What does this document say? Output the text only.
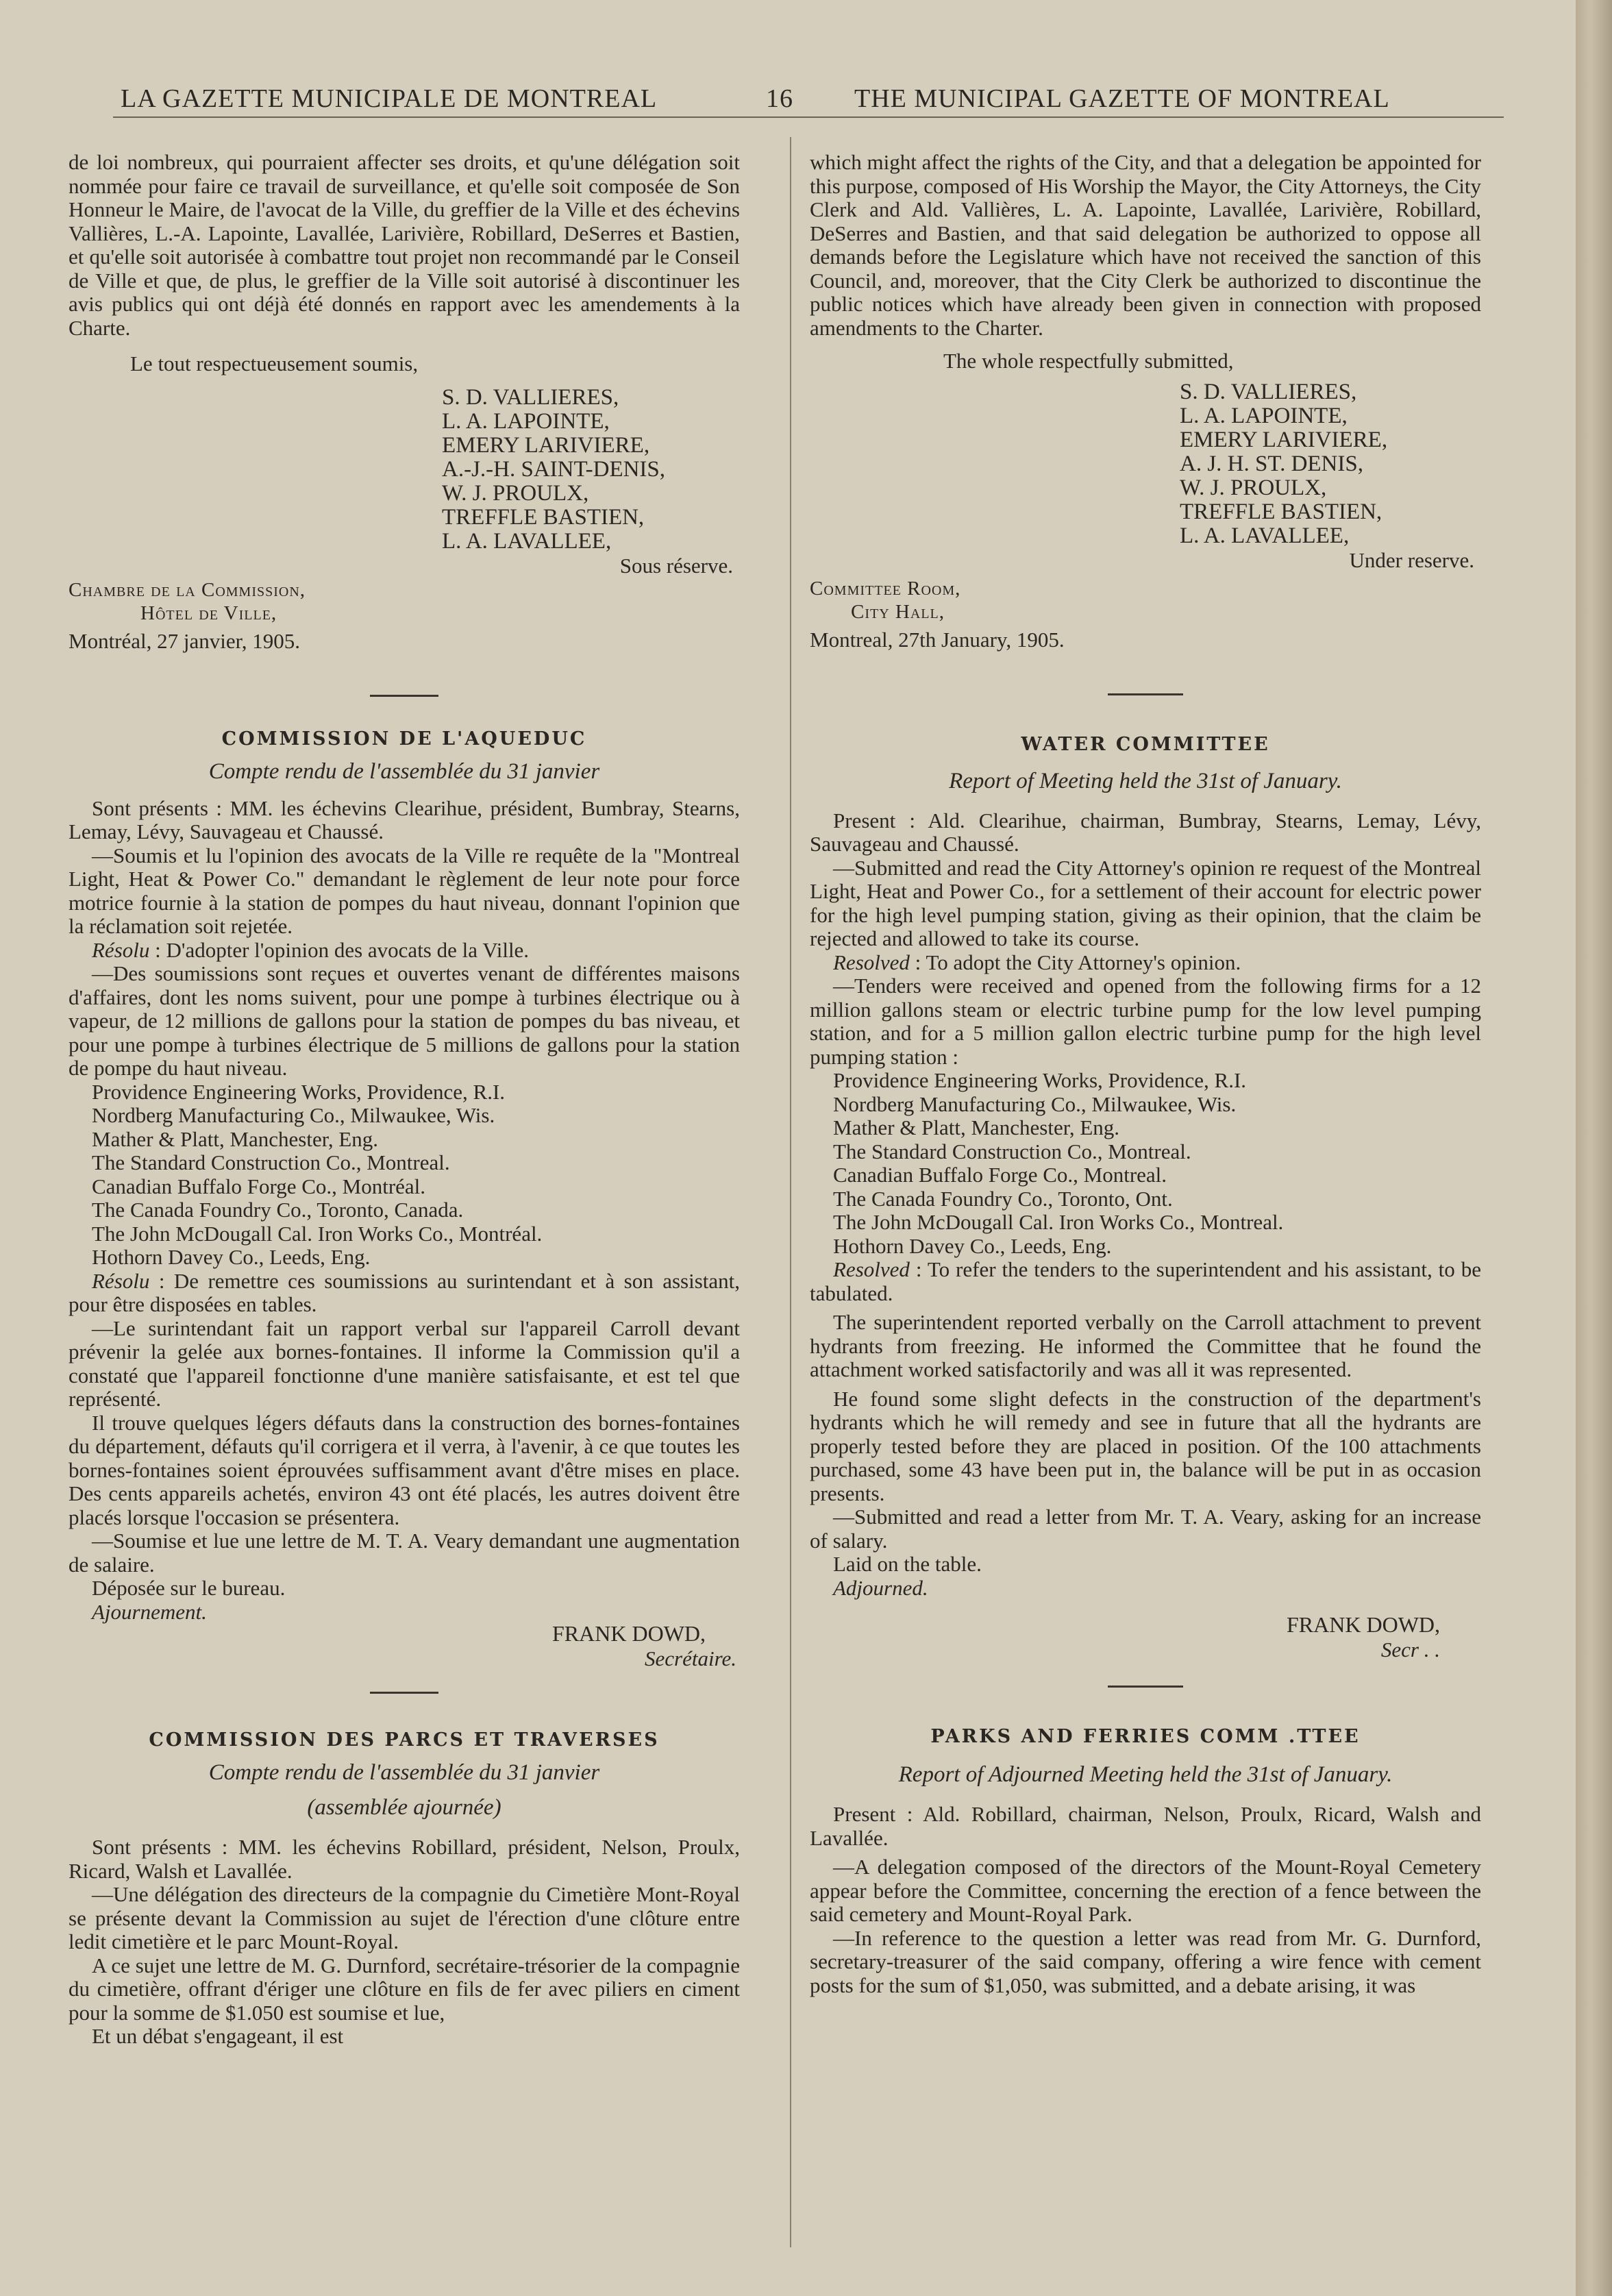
LA GAZETTE MUNICIPALE DE MONTREAL	16 THE MUNICIPAL GAZETTE OF MONTREAL

de loi nombreux, qui pourraient affecter ses droits, et qu'une délégation soit nommée pour faire ce travail de surveillance, et qu'elle soit composée de Son Honneur le Maire, de l'avocat de la Ville, du greffier de la Ville et des échevins Vallières, L.-A. Lapointe, Lavallée, Larivière, Robillard, DeSerres et Bastien, et qu'elle soit autorisée à combattre tout projet non recommandé par le Conseil de Ville et que, de plus, le greffier de la Ville soit autorisé à discontinuer les avis publics qui ont déjà été donnés en rapport avec les amendements à la Charte.

Le tout respectueusement soumis,

S. D. VALLIERES,
L. A. LAPOINTE,
EMERY LARIVIERE,
A.-J.-H. SAINT-DENIS,
W. J. PROULX,
TREFFLE BASTIEN,
L. A. LAVALLEE,
Sous réserve.
Chambre de la Commission,
Hôtel de Ville,
Montréal, 27 janvier, 1905.
COMMISSION DE L'AQUEDUC
Compte rendu de l'assemblée du 31 janvier

Sont présents : MM. les échevins Clearihue, président, Bumbray, Stearns, Lemay, Lévy, Sauvageau et Chaussé.

—Soumis et lu l'opinion des avocats de la Ville re requête de la "Montreal Light, Heat & Power Co." demandant le règlement de leur note pour force motrice fournie à la station de pompes du haut niveau, donnant l'opinion que la réclamation soit rejetée.

Résolu : D'adopter l'opinion des avocats de la Ville.

—Des soumissions sont reçues et ouvertes venant de différentes maisons d'affaires, dont les noms suivent, pour une pompe à turbines électrique ou à vapeur, de 12 millions de gallons pour la station de pompes du bas niveau, et pour une pompe à turbines électrique de 5 millions de gallons pour la station de pompe du haut niveau.

Providence Engineering Works, Providence, R.I.
Nordberg Manufacturing Co., Milwaukee, Wis.
Mather & Platt, Manchester, Eng.
The Standard Construction Co., Montreal.
Canadian Buffalo Forge Co., Montréal.
The Canada Foundry Co., Toronto, Canada.
The John McDougall Cal. Iron Works Co., Montréal.
Hothorn Davey Co., Leeds, Eng.

Résolu : De remettre ces soumissions au surintendant et à son assistant, pour être disposées en tables.

—Le surintendant fait un rapport verbal sur l'appareil Carroll devant prévenir la gelée aux bornes-fontaines. Il informe la Commission qu'il a constaté que l'appareil fonctionne d'une manière satisfaisante, et est tel que représenté.

Il trouve quelques légers défauts dans la construction des bornes-fontaines du département, défauts qu'il corrigera et il verra, à l'avenir, à ce que toutes les bornes-fontaines soient éprouvées suffisamment avant d'être mises en place. Des cents appareils achetés, environ 43 ont été placés, les autres doivent être placés lorsque l'occasion se présentera.

—Soumise et lue une lettre de M. T. A. Veary demandant une augmentation de salaire.

Déposée sur le bureau.

Ajournement.

FRANK DOWD,
Secrétaire.
COMMISSION DES PARCS ET TRAVERSES
Compte rendu de l'assemblée du 31 janvier
(assemblée ajournée)

Sont présents : MM. les échevins Robillard, président, Nelson, Proulx, Ricard, Walsh et Lavallée.

—Une délégation des directeurs de la compagnie du Cimetière Mont-Royal se présente devant la Commission au sujet de l'érection d'une clôture entre ledit cimetière et le parc Mount-Royal.

A ce sujet une lettre de M. G. Durnford, secrétaire-trésorier de la compagnie du cimetière, offrant d'ériger une clôture en fils de fer avec piliers en ciment pour la somme de $1.050 est soumise et lue,

Et un débat s'engageant, il est

which might affect the rights of the City, and that a delegation be appointed for this purpose, composed of His Worship the Mayor, the City Attorneys, the City Clerk and Ald. Vallières, L. A. Lapointe, Lavallée, Larivière, Robillard, DeSerres and Bastien, and that said delegation be authorized to oppose all demands before the Legislature which have not received the sanction of this Council, and, moreover, that the City Clerk be authorized to discontinue the public notices which have already been given in connection with proposed amendments to the Charter.

The whole respectfully submitted,

S. D. VALLIERES,
L. A. LAPOINTE,
EMERY LARIVIERE,
A. J. H. ST. DENIS,
W. J. PROULX,
TREFFLE BASTIEN,
L. A. LAVALLEE,
Under reserve.
Committee Room,
City Hall,
Montreal, 27th January, 1905.
WATER COMMITTEE
Report of Meeting held the 31st of January.

Present : Ald. Clearihue, chairman, Bumbray, Stearns, Lemay, Lévy, Sauvageau and Chaussé.

—Submitted and read the City Attorney's opinion re request of the Montreal Light, Heat and Power Co., for a settlement of their account for electric power for the high level pumping station, giving as their opinion, that the claim be rejected and allowed to take its course.

Resolved : To adopt the City Attorney's opinion.

—Tenders were received and opened from the following firms for a 12 million gallons steam or electric turbine pump for the low level pumping station, and for a 5 million gallon electric turbine pump for the high level pumping station :

Providence Engineering Works, Providence, R.I.
Nordberg Manufacturing Co., Milwaukee, Wis.
Mather & Platt, Manchester, Eng.
The Standard Construction Co., Montreal.
Canadian Buffalo Forge Co., Montreal.
The Canada Foundry Co., Toronto, Ont.
The John McDougall Cal. Iron Works Co., Montreal.
Hothorn Davey Co., Leeds, Eng.

Resolved : To refer the tenders to the superintendent and his assistant, to be tabulated.

The superintendent reported verbally on the Carroll attachment to prevent hydrants from freezing. He informed the Committee that he found the attachment worked satisfactorily and was all it was represented.

He found some slight defects in the construction of the department's hydrants which he will remedy and see in future that all the hydrants are properly tested before they are placed in position. Of the 100 attachments purchased, some 43 have been put in, the balance will be put in as occasion presents.

—Submitted and read a letter from Mr. T. A. Veary, asking for an increase of salary.

Laid on the table.

Adjourned.

FRANK DOWD,
Secr . .
PARKS AND FERRIES COMM .TTEE
Report of Adjourned Meeting held the 31st of January.

Present : Ald. Robillard, chairman, Nelson, Proulx, Ricard, Walsh and Lavallée.

—A delegation composed of the directors of the Mount-Royal Cemetery appear before the Committee, concerning the erection of a fence between the said cemetery and Mount-Royal Park.

—In reference to the question a letter was read from Mr. G. Durnford, secretary-treasurer of the said company, offering a wire fence with cement posts for the sum of $1,050, was submitted, and a debate arising, it was
